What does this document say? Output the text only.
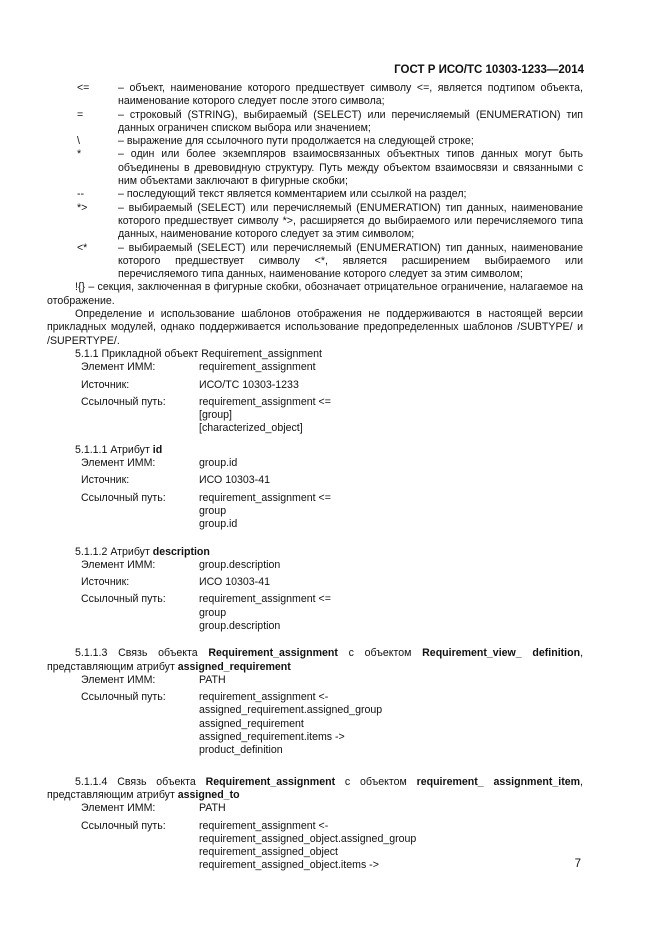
ГОСТ Р ИСО/ТС 10303-1233—2014
<=	– объект, наименование которого предшествует символу <=, является подтипом объекта, наименование которого следует после этого символа;
=	– строковый (STRING), выбираемый (SELECT) или перечисляемый (ENUMERATION) тип данных ограничен списком выбора или значением;
\	– выражение для ссылочного пути продолжается на следующей строке;
*	– один или более экземпляров взаимосвязанных объектных типов данных могут быть объединены в древовидную структуру. Путь между объектом взаимосвязи и связанными с ним объектами заключают в фигурные скобки;
--	– последующий текст является комментарием или ссылкой на раздел;
*>	– выбираемый (SELECT) или перечисляемый (ENUMERATION) тип данных, наименование которого предшествует символу *>, расширяется до выбираемого или перечисляемого типа данных, наименование которого следует за этим символом;
<*	– выбираемый (SELECT) или перечисляемый (ENUMERATION) тип данных, наименование которого предшествует символу <*, является расширением выбираемого или перечисляемого типа данных, наименование которого следует за этим символом;
!{} – секция, заключенная в фигурные скобки, обозначает отрицательное ограничение, налагаемое на отображение.
Определение и использование шаблонов отображения не поддерживаются в настоящей версии прикладных модулей, однако поддерживается использование предопределенных шаблонов /SUBTYPE/ и /SUPERTYPE/.
5.1.1 Прикладной объект Requirement_assignment
Элемент ИММ:	requirement_assignment
Источник:	ИСО/ТС 10303-1233
Ссылочный путь:	requirement_assignment <=
[group]
[characterized_object]
5.1.1.1 Атрибут id
Элемент ИММ:	group.id
Источник:	ИСО 10303-41
Ссылочный путь:	requirement_assignment <=
group
group.id
5.1.1.2 Атрибут description
Элемент ИММ:	group.description
Источник:	ИСО 10303-41
Ссылочный путь:	requirement_assignment <=
group
group.description
5.1.1.3 Связь объекта Requirement_assignment с объектом Requirement_view_ definition, представляющим атрибут assigned_requirement
Элемент ИММ:	PATH
Ссылочный путь:	requirement_assignment <-
assigned_requirement.assigned_group
assigned_requirement
assigned_requirement.items ->
product_definition
5.1.1.4 Связь объекта Requirement_assignment с объектом requirement_ assignment_item, представляющим атрибут assigned_to
Элемент ИММ:	PATH
Ссылочный путь:	requirement_assignment <-
requirement_assigned_object.assigned_group
requirement_assigned_object
requirement_assigned_object.items ->	7
